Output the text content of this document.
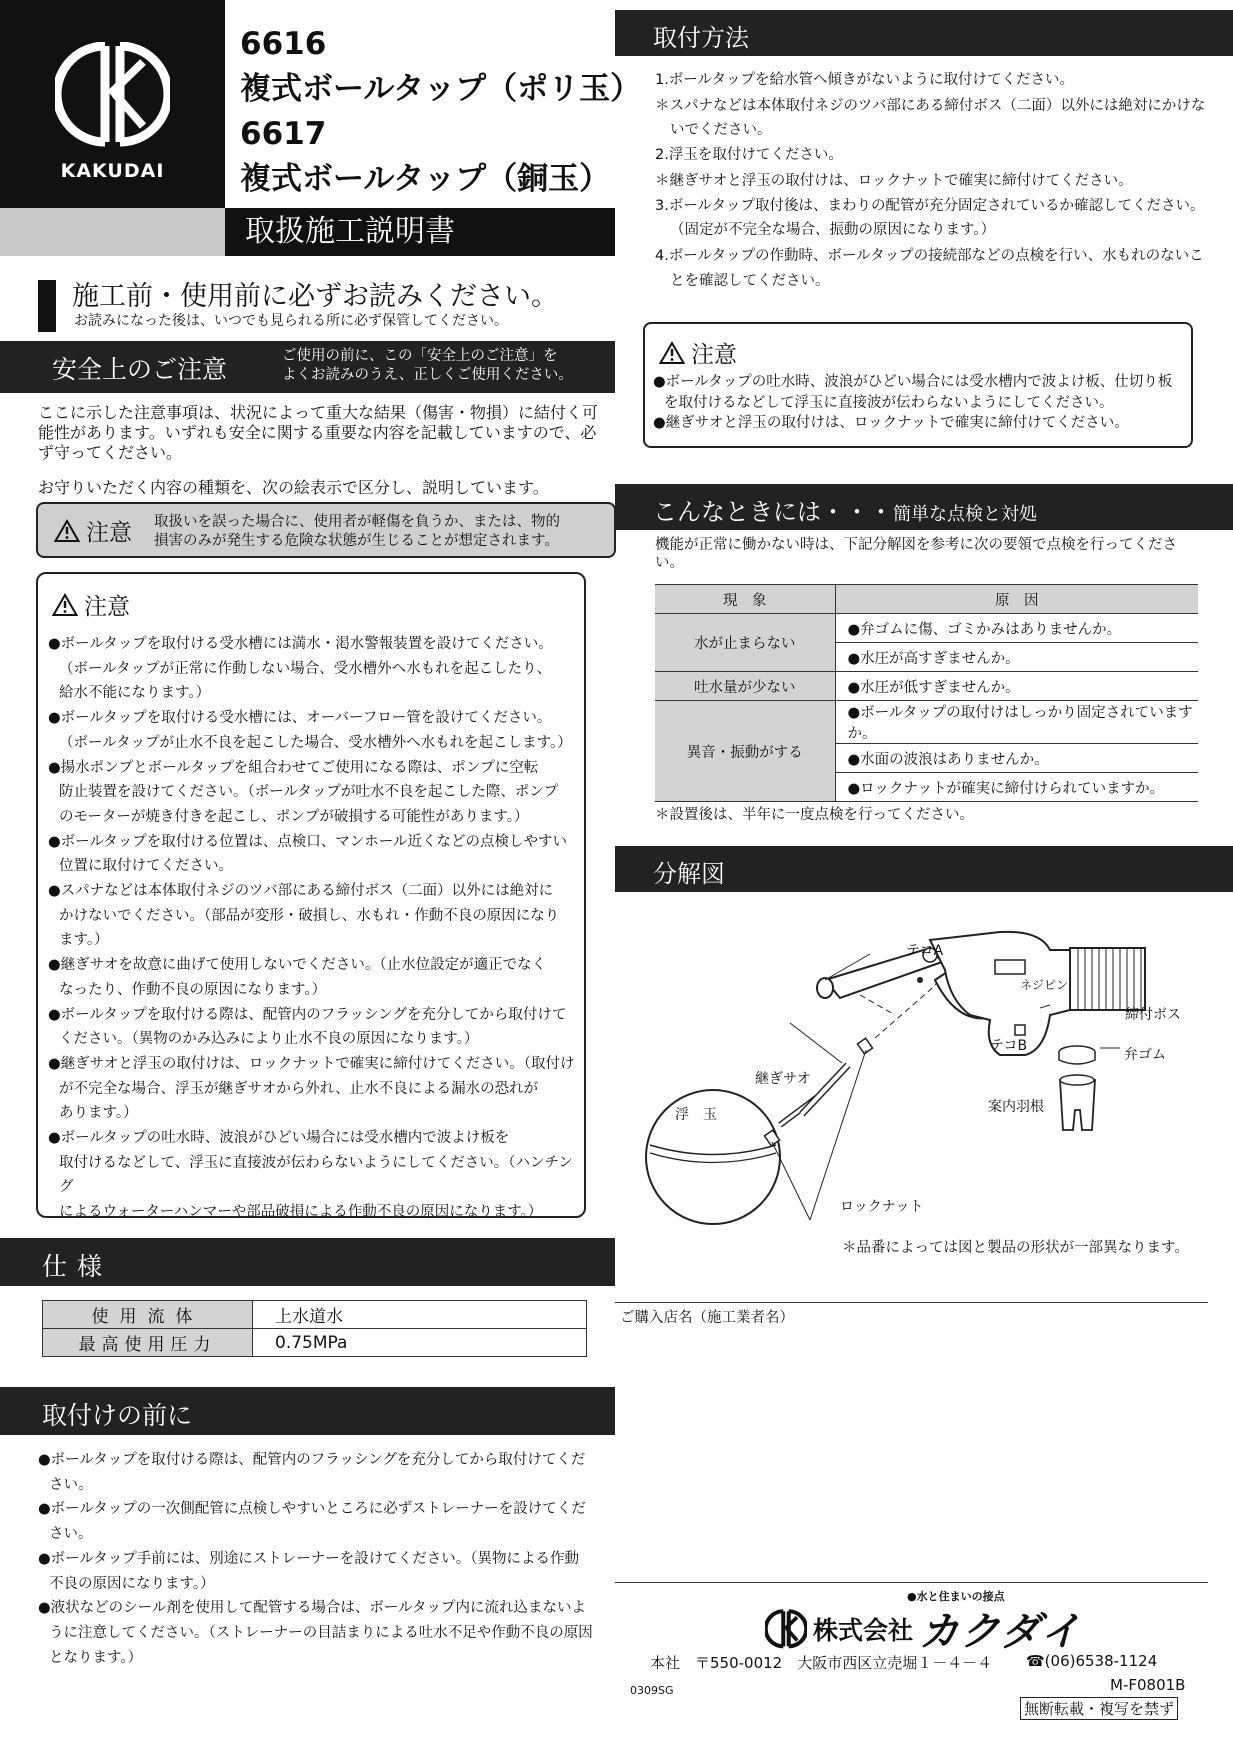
KAKUDAI
6616
複式ボールタップ（ポリ玉）
6617
複式ボールタップ（銅玉）
取扱施工説明書
施工前・使用前に必ずお読みください。
お読みになった後は、いつでも見られる所に必ず保管してください。
安全上のご注意	ご使用の前に、この「安全上のご注意」を
よくお読みのうえ、正しくご使用ください。
ここに示した注意事項は、状況によって重大な結果（傷害・物損）に結付く可能性があります。いずれも安全に関する重要な内容を記載していますので、必ず守ってください。
お守りいただく内容の種類を、次の絵表示で区分し、説明しています。
注意 取扱いを誤った場合に、使用者が軽傷を負うか、または、物的
損害のみが発生する危険な状態が生じることが想定されます。
注意
●ボールタップを取付ける受水槽には満水・渇水警報装置を設けてください。
（ボールタップが正常に作動しない場合、受水槽外へ水もれを起こしたり、
給水不能になります。）
●ボールタップを取付ける受水槽には、オーバーフロー管を設けてください。
（ボールタップが止水不良を起こした場合、受水槽外へ水もれを起こします。）
●揚水ポンプとボールタップを組合わせてご使用になる際は、ポンプに空転
防止装置を設けてください。（ボールタップが吐水不良を起こした際、ポンプ
のモーターが焼き付きを起こし、ポンプが破損する可能性があります。）
●ボールタップを取付ける位置は、点検口、マンホール近くなどの点検しやすい
位置に取付けてください。
●スパナなどは本体取付ネジのツバ部にある締付ボス（二面）以外には絶対に
かけないでください。（部品が変形・破損し、水もれ・作動不良の原因になり
ます。）
●継ぎサオを故意に曲げて使用しないでください。（止水位設定が適正でなく
なったり、作動不良の原因になります。）
●ボールタップを取付ける際は、配管内のフラッシングを充分してから取付けて
ください。（異物のかみ込みにより止水不良の原因になります。）
●継ぎサオと浮玉の取付けは、ロックナットで確実に締付けてください。（取付け
が不完全な場合、浮玉が継ぎサオから外れ、止水不良による漏水の恐れが
あります。）
●ボールタップの吐水時、波浪がひどい場合には受水槽内で波よけ板を
取付けるなどして、浮玉に直接波が伝わらないようにしてください。（ハンチング
によるウォーターハンマーや部品破損による作動不良の原因になります。）
仕様
使用流体	上水道水
最高使用圧力	0.75MPa
取付けの前に
●ボールタップを取付ける際は、配管内のフラッシングを充分してから取付けてください。
●ボールタップの一次側配管に点検しやすいところに必ずストレーナーを設けてください。
●ボールタップ手前には、別途にストレーナーを設けてください。（異物による作動不良の原因になります。）
●液状などのシール剤を使用して配管する場合は、ボールタップ内に流れ込まないように注意してください。（ストレーナーの目詰まりによる吐水不足や作動不良の原因となります。）
取付方法
1.ボールタップを給水管へ傾きがないように取付けてください。
＊スパナなどは本体取付ネジのツバ部にある締付ボス（二面）以外には絶対にかけないでください。
2.浮玉を取付けてください。
＊継ぎサオと浮玉の取付けは、ロックナットで確実に締付けてください。
3.ボールタップ取付後は、まわりの配管が充分固定されているか確認してください。（固定が不完全な場合、振動の原因になります。）
4.ボールタップの作動時、ボールタップの接続部などの点検を行い、水もれのないことを確認してください。
注意
●ボールタップの吐水時、波浪がひどい場合には受水槽内で波よけ板、仕切り板を取付けるなどして浮玉に直接波が伝わらないようにしてください。
●継ぎサオと浮玉の取付けは、ロックナットで確実に締付けてください。
こんなときには・・・簡単な点検と対処
機能が正常に働かない時は、下記分解図を参考に次の要領で点検を行ってください。
現　象	原　因
水が止まらない	●弁ゴムに傷、ゴミかみはありませんか。
	●水圧が高すぎませんか。
吐水量が少ない	●水圧が低すぎませんか。
異音・振動がする	●ボールタップの取付けはしっかり固定されていますか。
	●水面の波浪はありませんか。
	●ロックナットが確実に締付けられていますか。
＊設置後は、半年に一度点検を行ってください。
分解図
テコA
ネジピン
締付ボス
テコB
弁ゴム
継ぎサオ
浮　玉	案内羽根
ロックナット
＊品番によっては図と製品の形状が一部異なります。
ご購入店名（施工業者名）
●水と住まいの接点
株式会社 カクダイ
本社　〒550-0012　大阪市西区立売堀１－４－４ ☎(06)6538-1124
M-F0801B
0309SG
無断転載・複写を禁ず
